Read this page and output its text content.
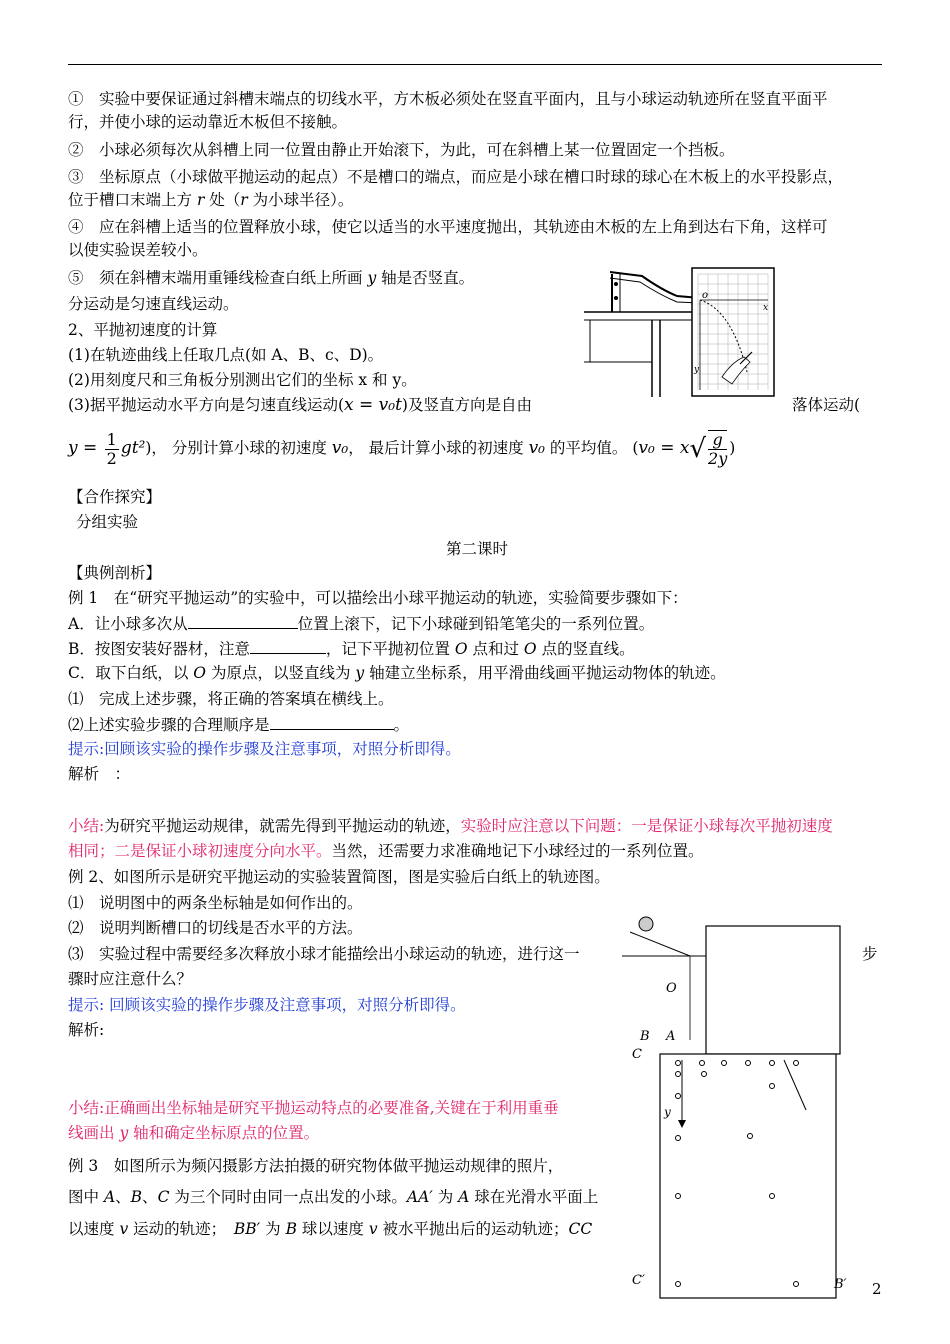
①　实验中要保证通过斜槽末端点的切线水平，方木板必须处在竖直平面内，且与小球运动轨迹所在竖直平面平
行，并使小球的运动靠近木板但不接触。
②　小球必须每次从斜槽上同一位置由静止开始滚下，为此，可在斜槽上某一位置固定一个挡板。
③　坐标原点（小球做平抛运动的起点）不是槽口的端点，而应是小球在槽口时球的球心在木板上的水平投影点，
位于槽口末端上方 r 处（r 为小球半径）。
④　应在斜槽上适当的位置释放小球，使它以适当的水平速度抛出，其轨迹由木板的左上角到达右下角，这样可
以使实验误差较小。
⑤　须在斜槽末端用重锤线检查白纸上所画 y 轴是否竖直。
分运动是匀速直线运动。
2、平抛初速度的计算
(1)在轨迹曲线上任取几点(如 A、B、c、D)。
(2)用刻度尺和三角板分别测出它们的坐标 x 和 y。
(3)据平抛运动水平方向是匀速直线运动(x = v₀t)及竖直方向是自由	落体运动(
$y = \frac{1}{2} gt^2$)， 分别计算小球的初速度 v₀， 最后计算小球的初速度 v₀ 的平均值。 ($v_0 = x√ \frac{g}{2y}$ )
【合作探究】
分组实验
第二课时
【典例剖析】
例 1　在“研究平抛运动”的实验中，可以描绘出小球平抛运动的轨迹，实验简要步骤如下：
A．让小球多次从	位置上滚下，记下小球碰到铅笔笔尖的一系列位置。
B．按图安装好器材，注意	，记下平抛初位置 O 点和过 O 点的竖直线。
C．取下白纸，以 O 为原点，以竖直线为 y 轴建立坐标系，用平滑曲线画平抛运动物体的轨迹。
⑴　完成上述步骤，将正确的答案填在横线上。
⑵上述实验步骤的合理顺序是	。
提示:回顾该实验的操作步骤及注意事项，对照分析即得。
解析　：
小结:为研究平抛运动规律，就需先得到平抛运动的轨迹，实验时应注意以下问题：一是保证小球每次平抛初速度
相同；二是保证小球初速度分向水平。当然，还需要力求准确地记下小球经过的一系列位置。
例 2、如图所示是研究平抛运动的实验装置简图，图是实验后白纸上的轨迹图。
⑴　说明图中的两条坐标轴是如何作出的。
⑵　说明判断槽口的切线是否水平的方法。
⑶　实验过程中需要经多次释放小球才能描绘出小球运动的轨迹，进行这一	步
骤时应注意什么？
提示: 回顾该实验的操作步骤及注意事项，对照分析即得。
解析:
小结:正确画出坐标轴是研究平抛运动特点的必要准备,关键在于利用重垂
线画出 y 轴和确定坐标原点的位置。
例 3　如图所示为频闪摄影方法拍摄的研究物体做平抛运动规律的照片，
图中 A、B、C 为三个同时由同一点出发的小球。AA′ 为 A 球在光滑水平面上
以速度 v 运动的轨迹；　BB′ 为 B 球以速度 v 被水平抛出后的运动轨迹；CC
o
x
y
O
B A
C
y
C′	B′ 2
